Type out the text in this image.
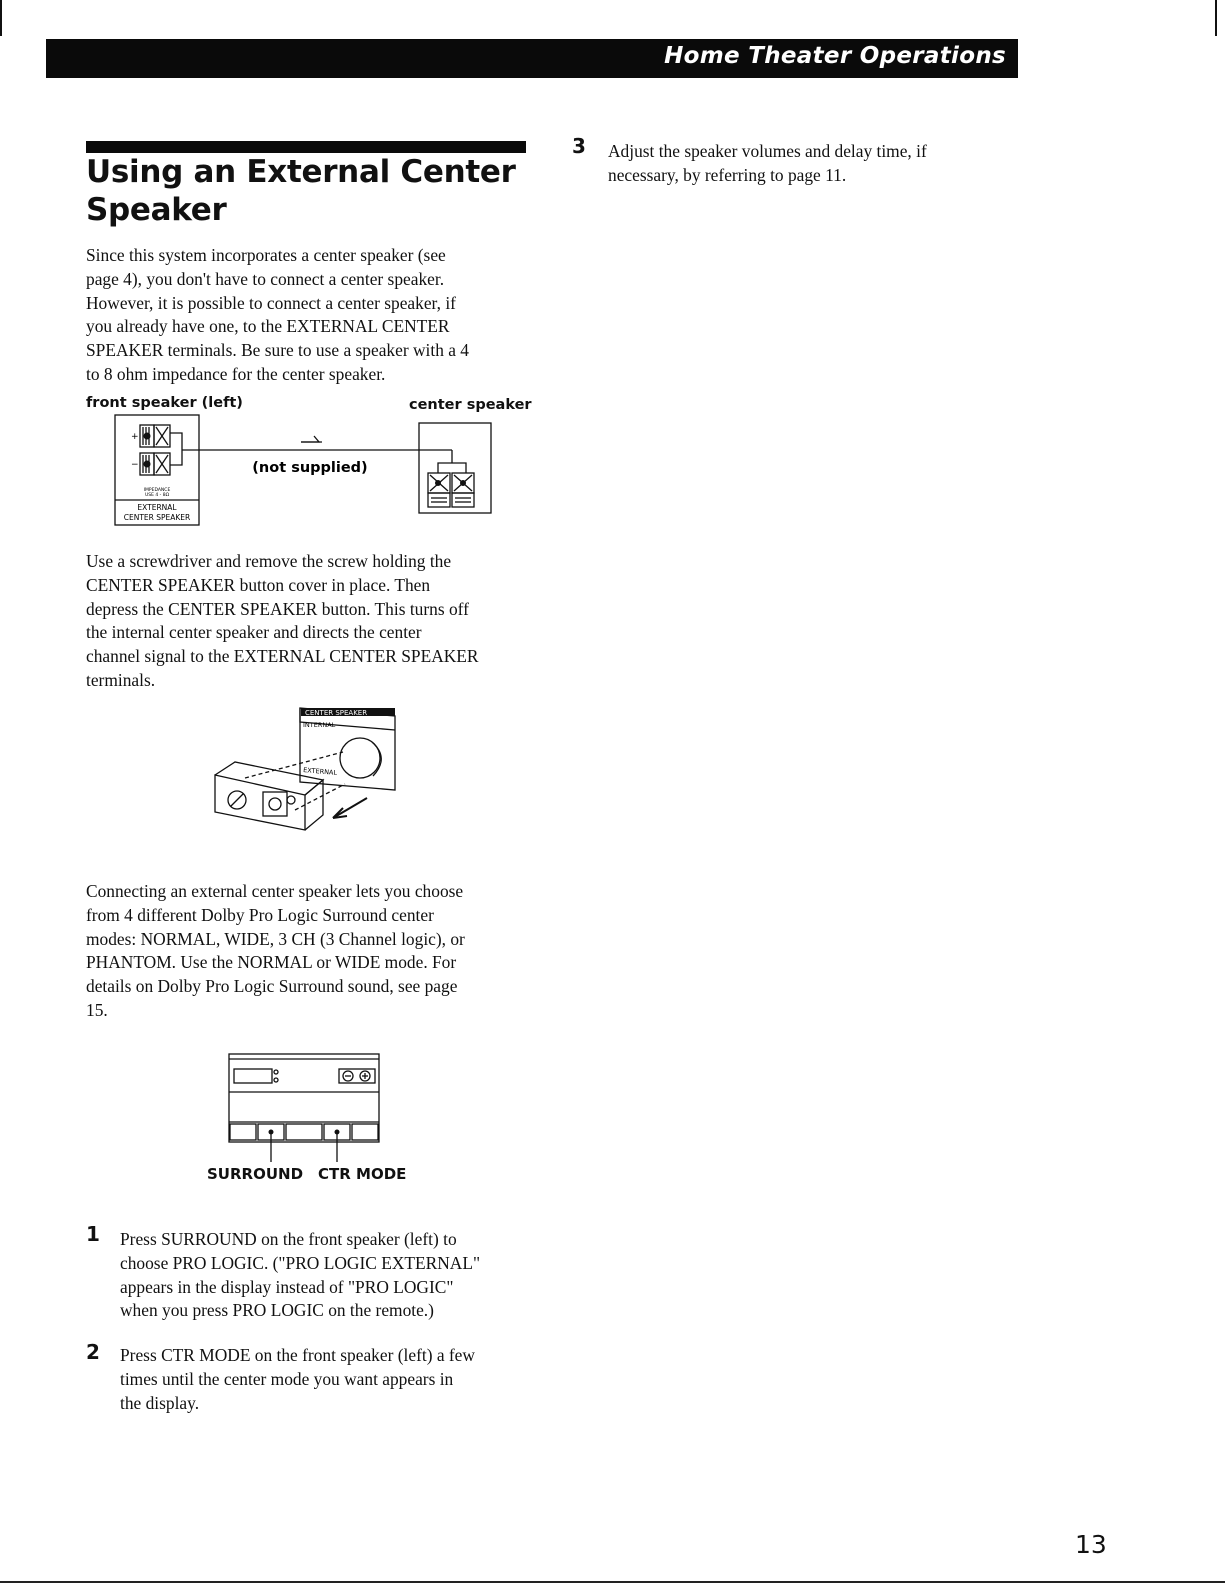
Home Theater Operations
Using an External Center
Speaker

Since this system incorporates a center speaker (see
page 4), you don't have to connect a center speaker.
However, it is possible to connect a center speaker, if
you already have one, to the EXTERNAL CENTER
SPEAKER terminals. Be sure to use a speaker with a 4
to 8 ohm impedance for the center speaker.

front speaker (left)	center speaker
+
−
IMPEDANCE
USE 4 - 8Ω
EXTERNAL
CENTER SPEAKER
(not supplied)

Use a screwdriver and remove the screw holding the
CENTER SPEAKER button cover in place. Then
depress the CENTER SPEAKER button. This turns off
the internal center speaker and directs the center
channel signal to the EXTERNAL CENTER SPEAKER
terminals.

CENTER SPEAKER
INTERNAL
EXTERNAL

Connecting an external center speaker lets you choose
from 4 different Dolby Pro Logic Surround center
modes: NORMAL, WIDE, 3 CH (3 Channel logic), or
PHANTOM. Use the NORMAL or WIDE mode. For
details on Dolby Pro Logic Surround sound, see page
15.

SURROUND CTR MODE
1 Press SURROUND on the front speaker (left) to
choose PRO LOGIC. ("PRO LOGIC EXTERNAL"
appears in the display instead of "PRO LOGIC"
when you press PRO LOGIC on the remote.)

2 Press CTR MODE on the front speaker (left) a few
times until the center mode you want appears in
the display.

3 Adjust the speaker volumes and delay time, if
necessary, by referring to page 11.

13
